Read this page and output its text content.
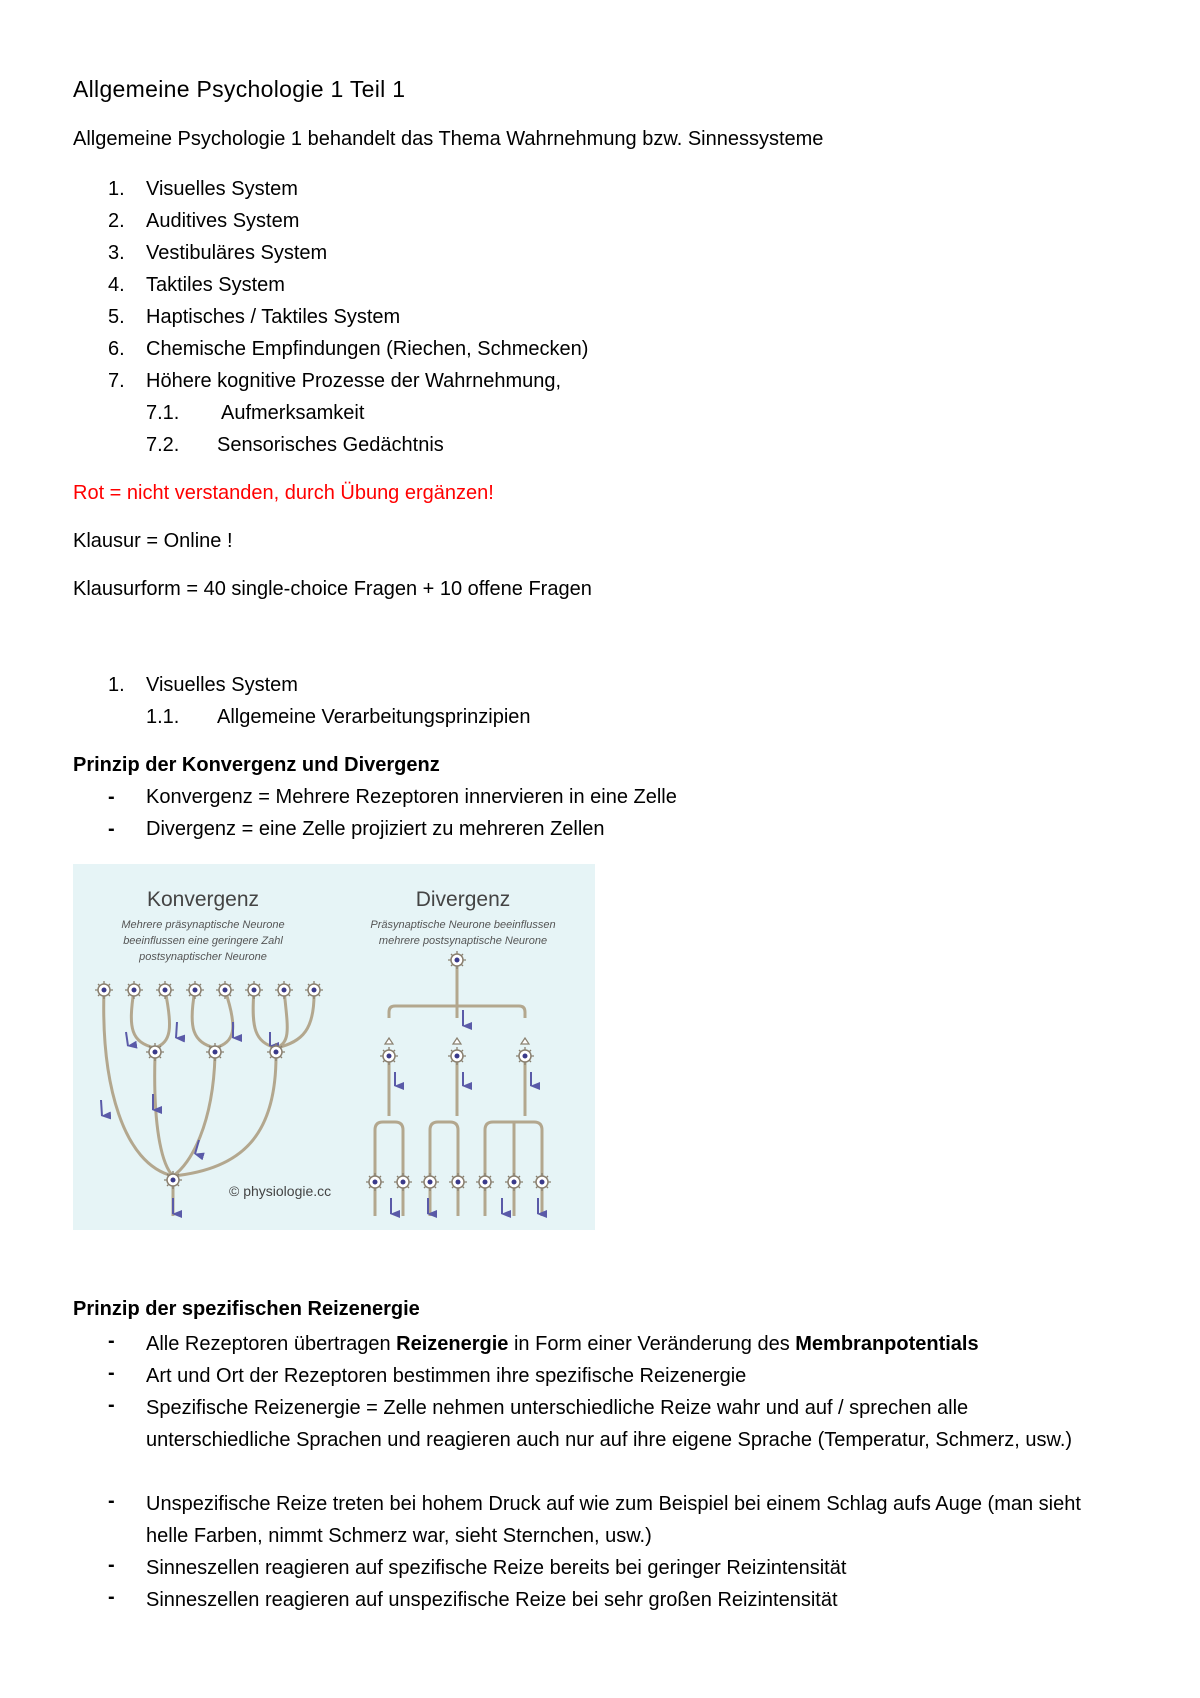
Allgemeine Psychologie 1 Teil 1
Allgemeine Psychologie 1 behandelt das Thema Wahrnehmung bzw. Sinnessysteme
1. Visuelles System
2. Auditives System
3. Vestibuläres System
4. Taktiles System
5. Haptisches / Taktiles System
6. Chemische Empfindungen (Riechen, Schmecken)
7. Höhere kognitive Prozesse der Wahrnehmung,
7.1. Aufmerksamkeit
7.2. Sensorisches Gedächtnis
Rot = nicht verstanden, durch Übung ergänzen!
Klausur = Online !
Klausurform = 40 single-choice Fragen + 10 offene Fragen
1. Visuelles System
1.1. Allgemeine Verarbeitungsprinzipien
Prinzip der Konvergenz und Divergenz
- Konvergenz = Mehrere Rezeptoren innervieren in eine Zelle
- Divergenz = eine Zelle projiziert zu mehreren Zellen
Konvergenz	Divergenz
Mehrere präsynaptische Neurone
beeinflussen eine geringere Zahl
postsynaptischer Neurone
Präsynaptische Neurone beeinflussen
mehrere postsynaptische Neurone
© physiologie.cc
Prinzip der spezifischen Reizenergie
- Alle Rezeptoren übertragen Reizenergie in Form einer Veränderung des Membranpotentials
- Art und Ort der Rezeptoren bestimmen ihre spezifische Reizenergie
- Spezifische Reizenergie = Zelle nehmen unterschiedliche Reize wahr und auf / sprechen alle unterschiedliche Sprachen und reagieren auch nur auf ihre eigene Sprache (Temperatur, Schmerz, usw.)
- Unspezifische Reize treten bei hohem Druck auf wie zum Beispiel bei einem Schlag aufs Auge (man sieht helle Farben, nimmt Schmerz war, sieht Sternchen, usw.)
- Sinneszellen reagieren auf spezifische Reize bereits bei geringer Reizintensität
- Sinneszellen reagieren auf unspezifische Reize bei sehr großen Reizintensität
